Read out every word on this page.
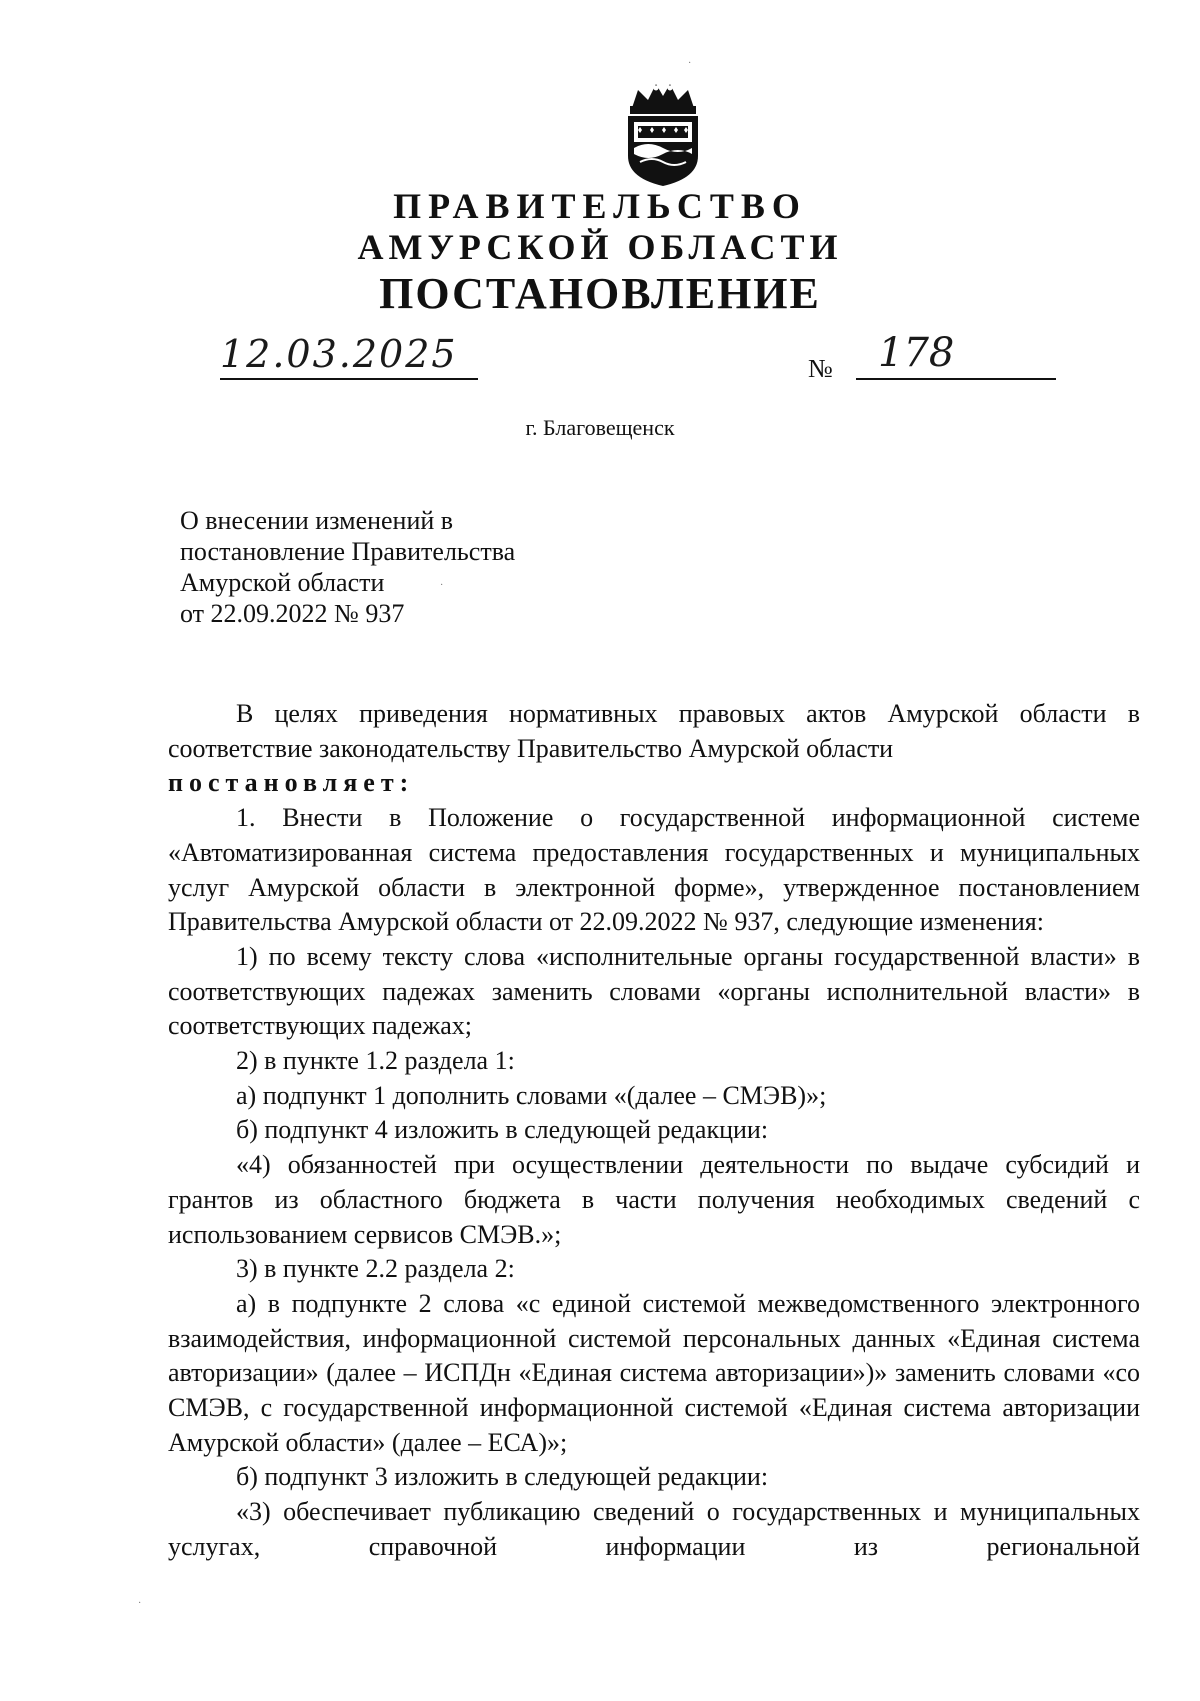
ПРАВИТЕЛЬСТВО
АМУРСКОЙ ОБЛАСТИ
ПОСТАНОВЛЕНИЕ
12.03.2025	№ 178
г. Благовещенск
О внесении изменений в
постановление Правительства
Амурской области
от 22.09.2022 № 937

В целях приведения нормативных правовых актов Амурской области в соответствие законодательству Правительство Амурской области

постановляет:

1. Внести в Положение о государственной информационной системе «Автоматизированная система предоставления государственных и муниципальных услуг Амурской области в электронной форме», утвержденное постановлением Правительства Амурской области от 22.09.2022 № 937, следующие изменения:

1) по всему тексту слова «исполнительные органы государственной власти» в соответствующих падежах заменить словами «органы исполнительной власти» в соответствующих падежах;

2) в пункте 1.2 раздела 1:

а) подпункт 1 дополнить словами «(далее – СМЭВ)»;

б) подпункт 4 изложить в следующей редакции:

«4) обязанностей при осуществлении деятельности по выдаче субсидий и грантов из областного бюджета в части получения необходимых сведений с использованием сервисов СМЭВ.»;

3) в пункте 2.2 раздела 2:

а) в подпункте 2 слова «с единой системой межведомственного электронного взаимодействия, информационной системой персональных данных «Единая система авторизации» (далее – ИСПДн «Единая система авторизации»)» заменить словами «со СМЭВ, с государственной информационной системой «Единая система авторизации Амурской области» (далее – ЕСА)»;

б) подпункт 3 изложить в следующей редакции:

«3) обеспечивает публикацию сведений о государственных и муниципальных услугах, справочной информации из региональной

·
·
·
